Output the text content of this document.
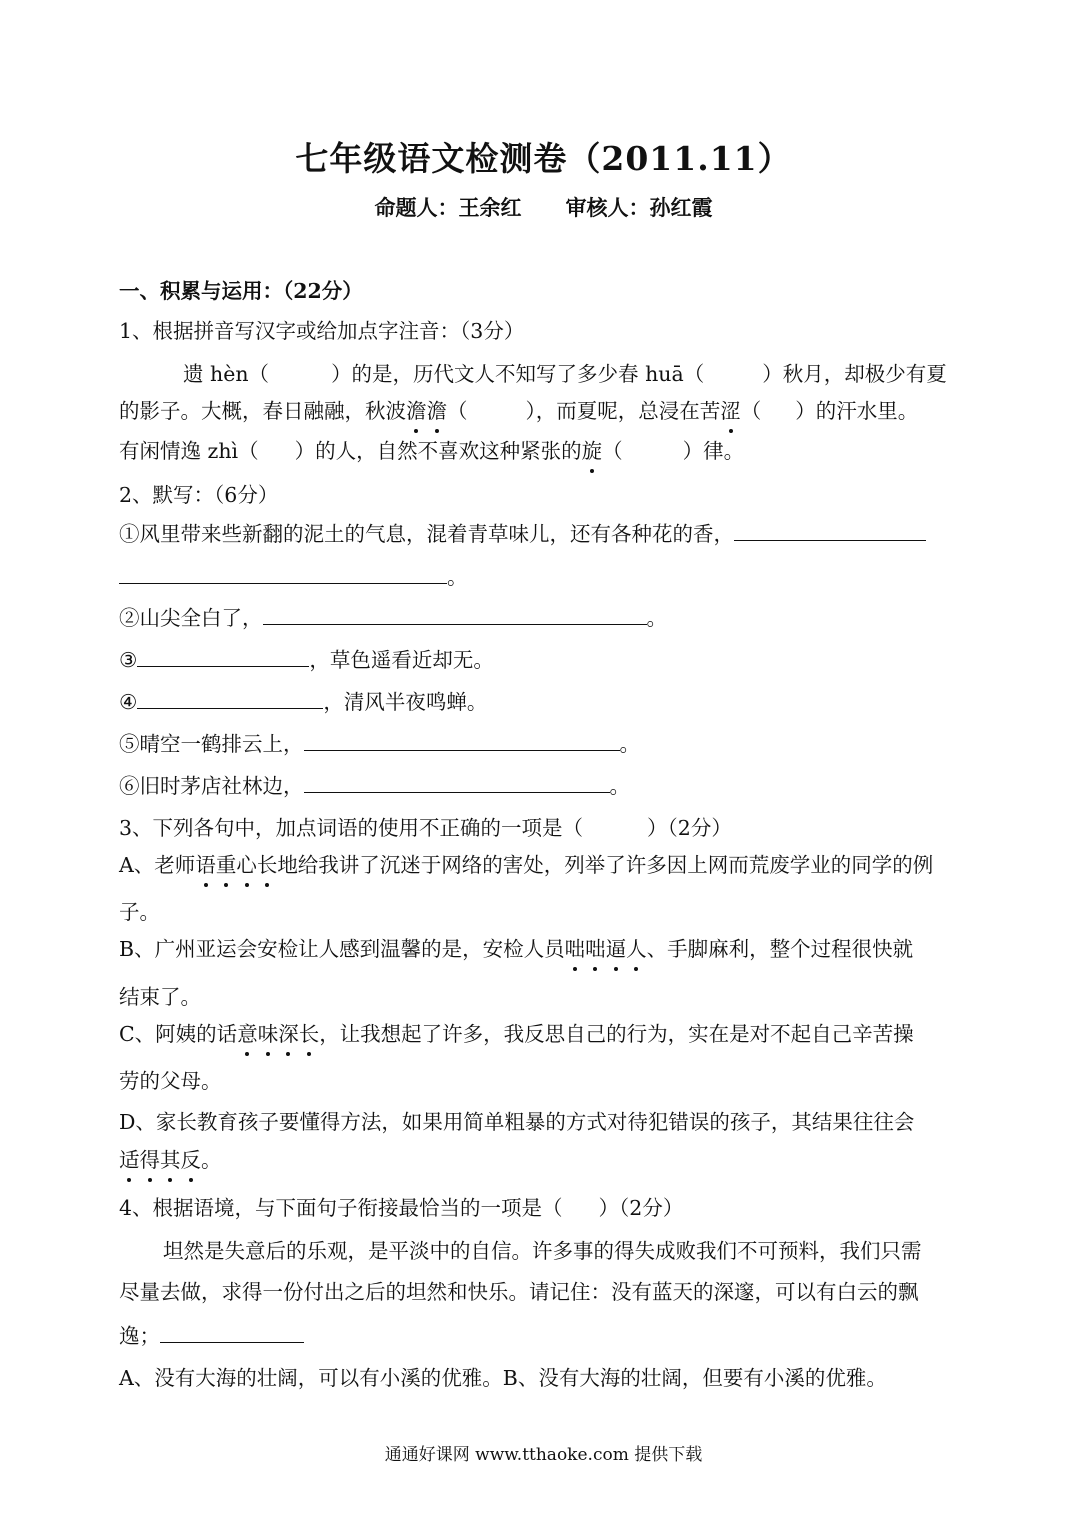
七年级语文检测卷（2011.11）
命题人：王余红 审核人：孙红霞
一、积累与运用：（22分）
1、根据拼音写汉字或给加点字注音：（3分）
遗 hèn（	）的是，历代文人不知写了多少春 huā（	）秋月，却极少有夏
的影子。大概，春日融融，秋波澹澹（	），而夏呢，总浸在苦涩（ ）的汗水里。
有闲情逸 zhì（ ）的人，自然不喜欢这种紧张的旋（	）律。
2、默写：（6分）
①风里带来些新翻的泥土的气息，混着青草味儿，还有各种花的香，
。
②山尖全白了，	。
③	，草色遥看近却无。
④	，清风半夜鸣蝉。
⑤晴空一鹤排云上，	。
⑥旧时茅店社林边，	。
3、下列各句中，加点词语的使用不正确的一项是（	）（2分）
A、老师语重心长地给我讲了沉迷于网络的害处，列举了许多因上网而荒废学业的同学的例
子。
B、广州亚运会安检让人感到温馨的是，安检人员咄咄逼人、手脚麻利，整个过程很快就
结束了。
C、阿姨的话意味深长，让我想起了许多，我反思自己的行为，实在是对不起自己辛苦操
劳的父母。
D、家长教育孩子要懂得方法，如果用简单粗暴的方式对待犯错误的孩子，其结果往往会
适得其反。
4、根据语境，与下面句子衔接最恰当的一项是（ ）（2分）
坦然是失意后的乐观，是平淡中的自信。许多事的得失成败我们不可预料，我们只需
尽量去做，求得一份付出之后的坦然和快乐。请记住：没有蓝天的深邃，可以有白云的飘
逸；
A、没有大海的壮阔，可以有小溪的优雅。B、没有大海的壮阔，但要有小溪的优雅。
通通好课网 www.tthaoke.com 提供下载
